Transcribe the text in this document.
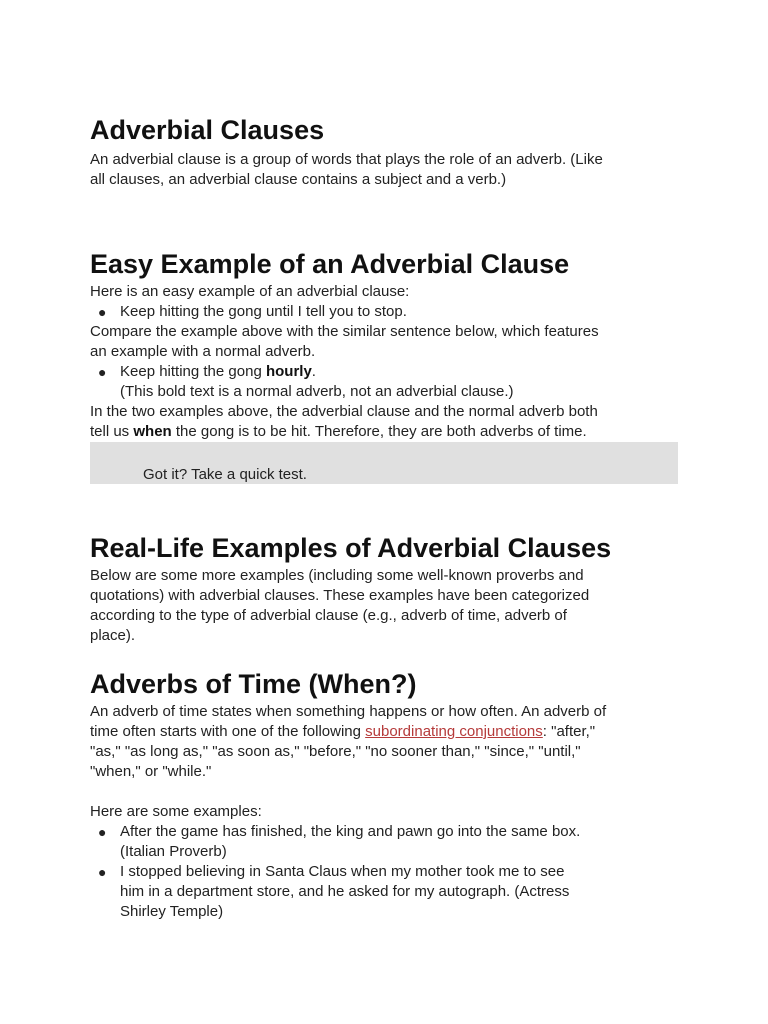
Adverbial Clauses

An adverbial clause is a group of words that plays the role of an adverb. (Like
all clauses, an adverbial clause contains a subject and a verb.)

Easy Example of an Adverbial Clause

Here is an easy example of an adverbial clause:

● Keep hitting the gong until I tell you to stop.

Compare the example above with the similar sentence below, which features
an example with a normal adverb.

● Keep hitting the gong hourly.
(This bold text is a normal adverb, not an adverbial clause.)

In the two examples above, the adverbial clause and the normal adverb both
tell us when the gong is to be hit. Therefore, they are both adverbs of time.

Got it? Take a quick test.
Real-Life Examples of Adverbial Clauses

Below are some more examples (including some well-known proverbs and
quotations) with adverbial clauses. These examples have been categorized
according to the type of adverbial clause (e.g., adverb of time, adverb of
place).

Adverbs of Time (When?)

An adverb of time states when something happens or how often. An adverb of
time often starts with one of the following subordinating conjunctions: "after,"
"as," "as long as," "as soon as," "before," "no sooner than," "since," "until,"
"when," or "while."

Here are some examples:

● After the game has finished, the king and pawn go into the same box.
(Italian Proverb)
● I stopped believing in Santa Claus when my mother took me to see
him in a department store, and he asked for my autograph. (Actress
Shirley Temple)
